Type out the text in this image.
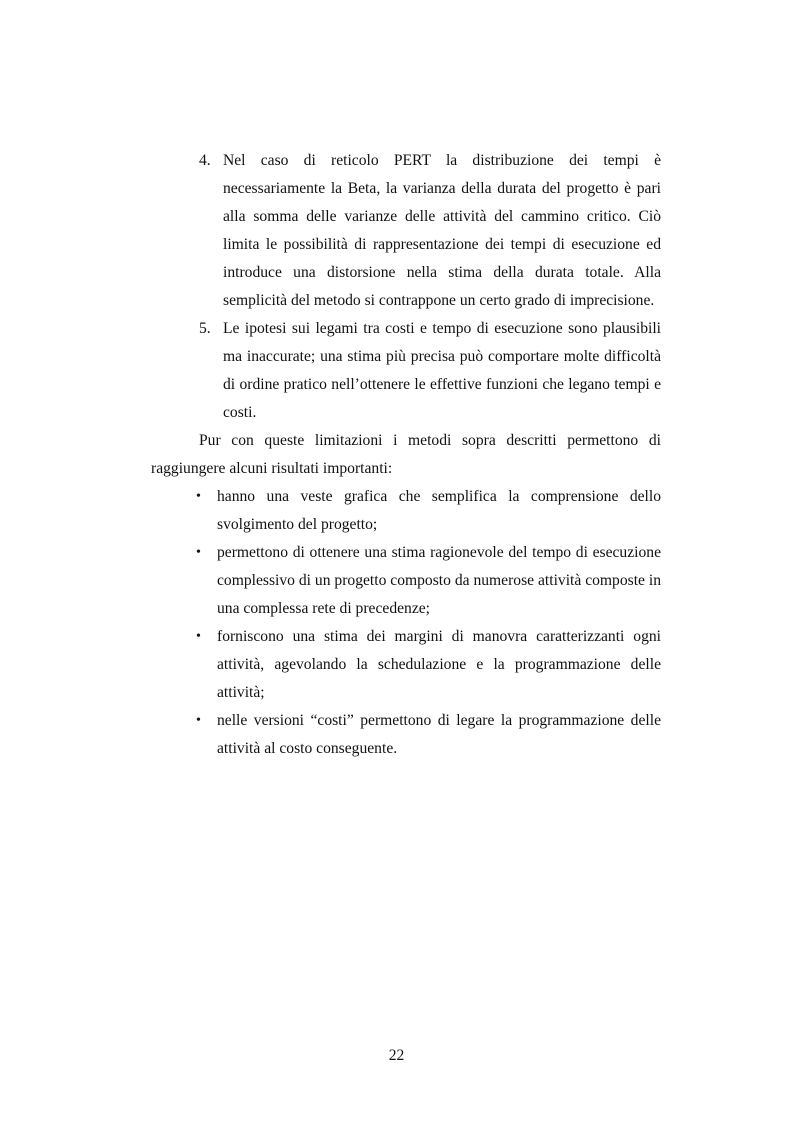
4. Nel caso di reticolo PERT la distribuzione dei tempi è necessariamente la Beta, la varianza della durata del progetto è pari alla somma delle varianze delle attività del cammino critico. Ciò limita le possibilità di rappresentazione dei tempi di esecuzione ed introduce una distorsione nella stima della durata totale. Alla semplicità del metodo si contrappone un certo grado di imprecisione.
5. Le ipotesi sui legami tra costi e tempo di esecuzione sono plausibili ma inaccurate; una stima più precisa può comportare molte difficoltà di ordine pratico nell’ottenere le effettive funzioni che legano tempi e costi.

Pur con queste limitazioni i metodi sopra descritti permettono di raggiungere alcuni risultati importanti:

• hanno una veste grafica che semplifica la comprensione dello svolgimento del progetto;
• permettono di ottenere una stima ragionevole del tempo di esecuzione complessivo di un progetto composto da numerose attività composte in una complessa rete di precedenze;
• forniscono una stima dei margini di manovra caratterizzanti ogni attività, agevolando la schedulazione e la programmazione delle attività;
• nelle versioni “costi” permettono di legare la programmazione delle attività al costo conseguente.
22
